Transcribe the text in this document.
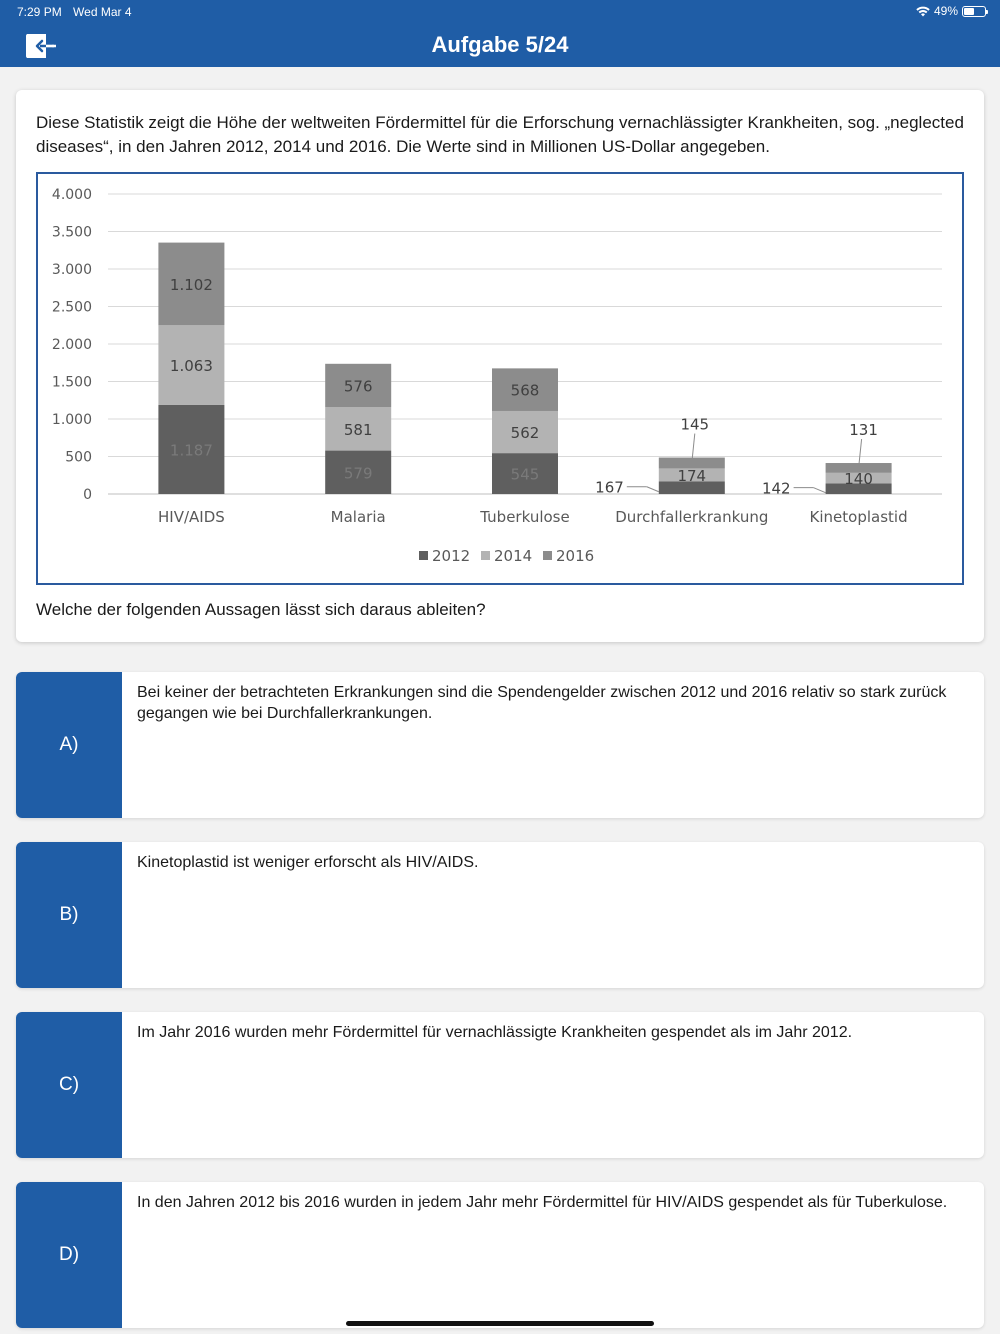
7:29 PM Wed Mar 4	49%
Aufgabe 5/24
Diese Statistik zeigt die Höhe der weltweiten Fördermittel für die Erforschung vernachlässigter Krankheiten, sog. „neglected diseases“, in den Jahren 2012, 2014 und 2016. Die Werte sind in Millionen US-Dollar angegeben.
0
500
1.000
1.500
2.000
2.500
3.000
3.500
4.000
1.187
1.063
1.102
HIV/AIDS
579
581
576
Malaria
545
562
568
Tuberkulose
167
174
145
Durchfallerkrankung
142
140
131
Kinetoplastid
2012 2014 2016
Welche der folgenden Aussagen lässt sich daraus ableiten?
A)
Bei keiner der betrachteten Erkrankungen sind die Spendengelder zwischen 2012 und 2016 relativ so stark zurück gegangen wie bei Durchfallerkrankungen.
B)
Kinetoplastid ist weniger erforscht als HIV/AIDS.
C)
Im Jahr 2016 wurden mehr Fördermittel für vernachlässigte Krankheiten gespendet als im Jahr 2012.
D)
In den Jahren 2012 bis 2016 wurden in jedem Jahr mehr Fördermittel für HIV/AIDS gespendet als für Tuberkulose.
